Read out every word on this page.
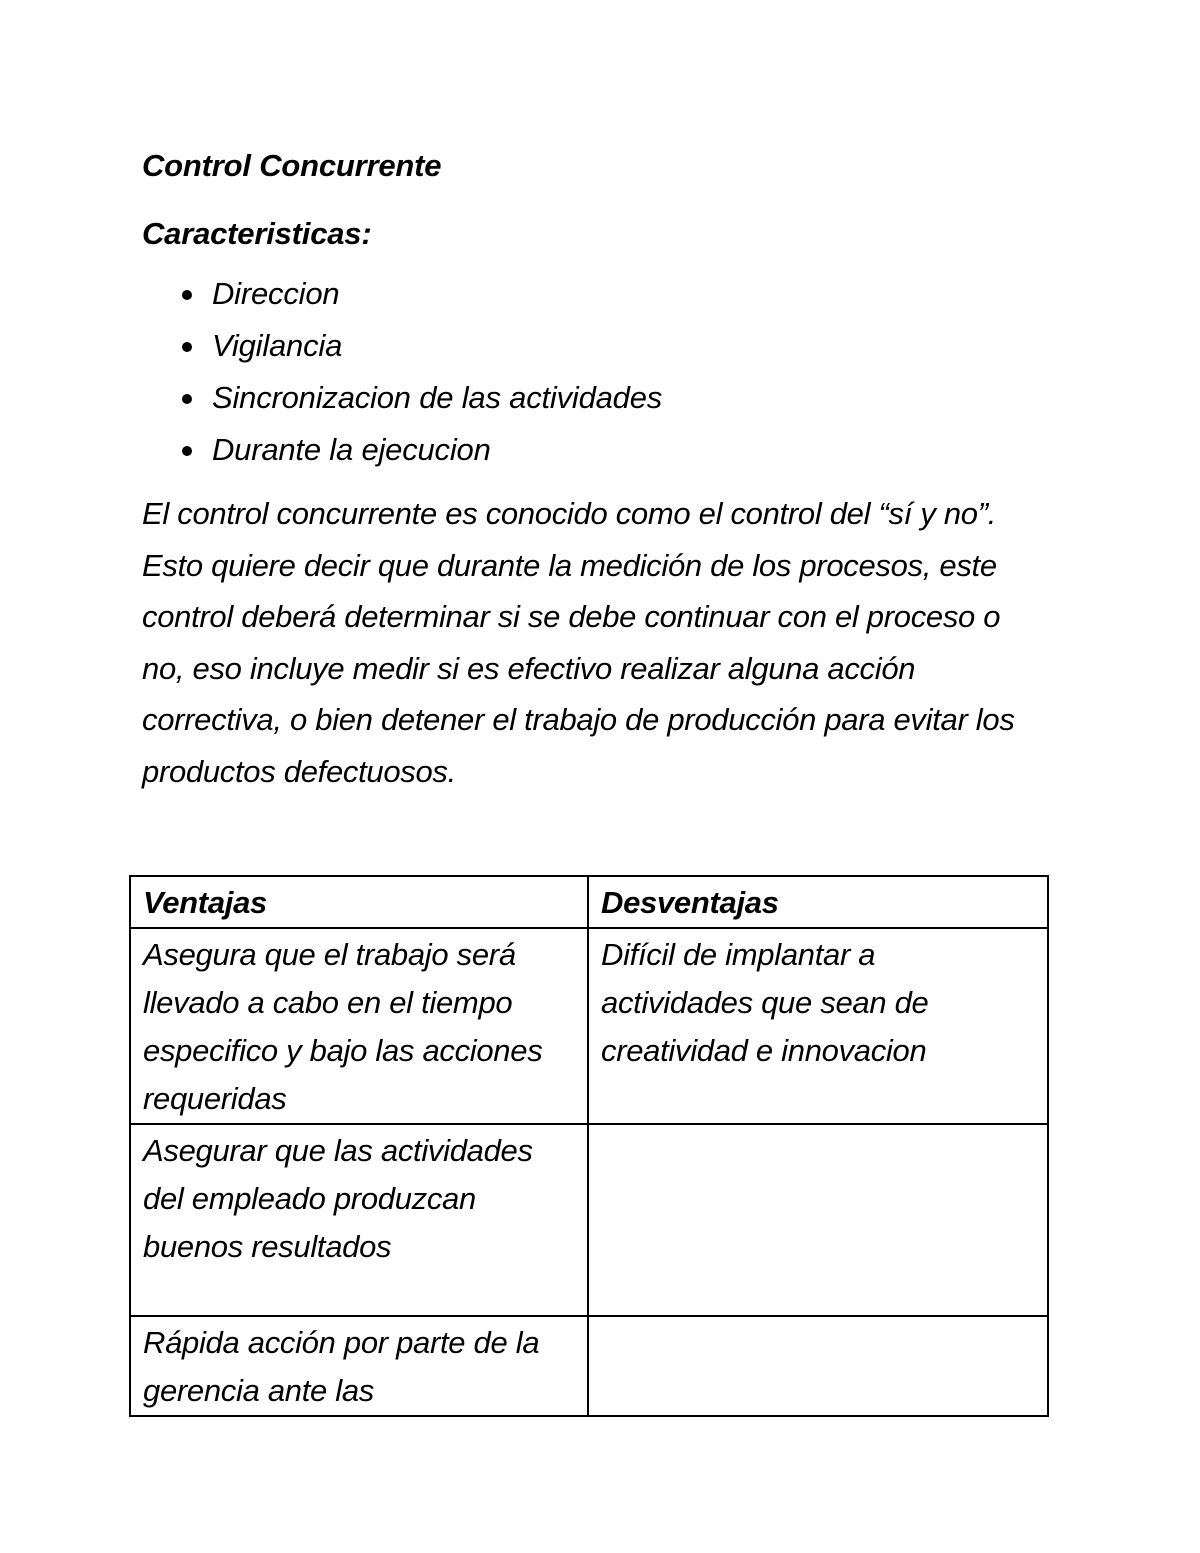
Control Concurrente

Caracteristicas:

Direccion
Vigilancia
Sincronizacion de las actividades
Durante la ejecucion

El control concurrente es conocido como el control del “sí y no”. Esto quiere decir que durante la medición de los procesos, este control deberá determinar si se debe continuar con el proceso o no, eso incluye medir si es efectivo realizar alguna acción correctiva, o bien detener el trabajo de producción para evitar los productos defectuosos.

Ventajas	Desventajas
Asegura que el trabajo será llevado a cabo en el tiempo especifico y bajo las acciones requeridas	Difícil de implantar a actividades que sean de creatividad e innovacion
Asegurar que las actividades del empleado produzcan buenos resultados	
Rápida acción por parte de la gerencia ante las	
